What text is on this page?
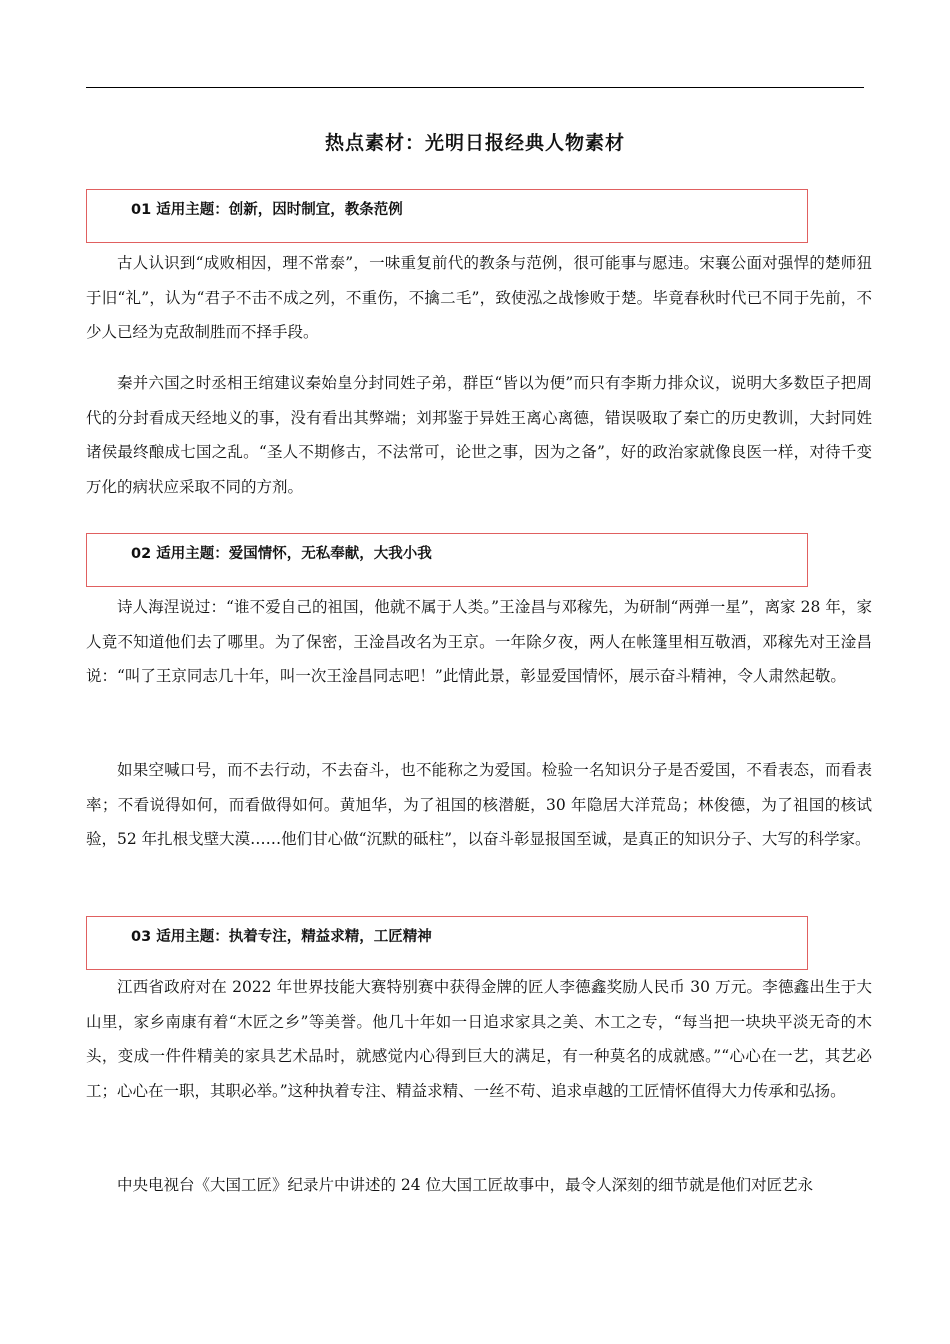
热点素材：光明日报经典人物素材
01 适用主题：创新，因时制宜，教条范例

古人认识到“成败相因，理不常泰”，一味重复前代的教条与范例，很可能事与愿违。宋襄公面对强悍的楚师狃于旧“礼”，认为“君子不击不成之列，不重伤，不擒二毛”，致使泓之战惨败于楚。毕竟春秋时代已不同于先前，不少人已经为克敌制胜而不择手段。

秦并六国之时丞相王绾建议秦始皇分封同姓子弟，群臣“皆以为便”而只有李斯力排众议，说明大多数臣子把周代的分封看成天经地义的事，没有看出其弊端；刘邦鉴于异姓王离心离德，错误吸取了秦亡的历史教训，大封同姓诸侯最终酿成七国之乱。“圣人不期修古，不法常可，论世之事，因为之备”，好的政治家就像良医一样，对待千变万化的病状应采取不同的方剂。

02 适用主题：爱国情怀，无私奉献，大我小我

诗人海涅说过：“谁不爱自己的祖国，他就不属于人类。”王淦昌与邓稼先，为研制“两弹一星”，离家 28 年，家人竟不知道他们去了哪里。为了保密，王淦昌改名为王京。一年除夕夜，两人在帐篷里相互敬酒，邓稼先对王淦昌说：“叫了王京同志几十年，叫一次王淦昌同志吧！”此情此景，彰显爱国情怀，展示奋斗精神，令人肃然起敬。

如果空喊口号，而不去行动，不去奋斗，也不能称之为爱国。检验一名知识分子是否爱国，不看表态，而看表率；不看说得如何，而看做得如何。黄旭华，为了祖国的核潜艇，30 年隐居大洋荒岛；林俊德，为了祖国的核试验，52 年扎根戈壁大漠……他们甘心做“沉默的砥柱”，以奋斗彰显报国至诚，是真正的知识分子、大写的科学家。

03 适用主题：执着专注，精益求精，工匠精神

江西省政府对在 2022 年世界技能大赛特别赛中获得金牌的匠人李德鑫奖励人民币 30 万元。李德鑫出生于大山里，家乡南康有着“木匠之乡”等美誉。他几十年如一日追求家具之美、木工之专，“每当把一块块平淡无奇的木头，变成一件件精美的家具艺术品时，就感觉内心得到巨大的满足，有一种莫名的成就感。”“心心在一艺，其艺必工；心心在一职，其职必举。”这种执着专注、精益求精、一丝不苟、追求卓越的工匠情怀值得大力传承和弘扬。

中央电视台《大国工匠》纪录片中讲述的 24 位大国工匠故事中，最令人深刻的细节就是他们对匠艺永
